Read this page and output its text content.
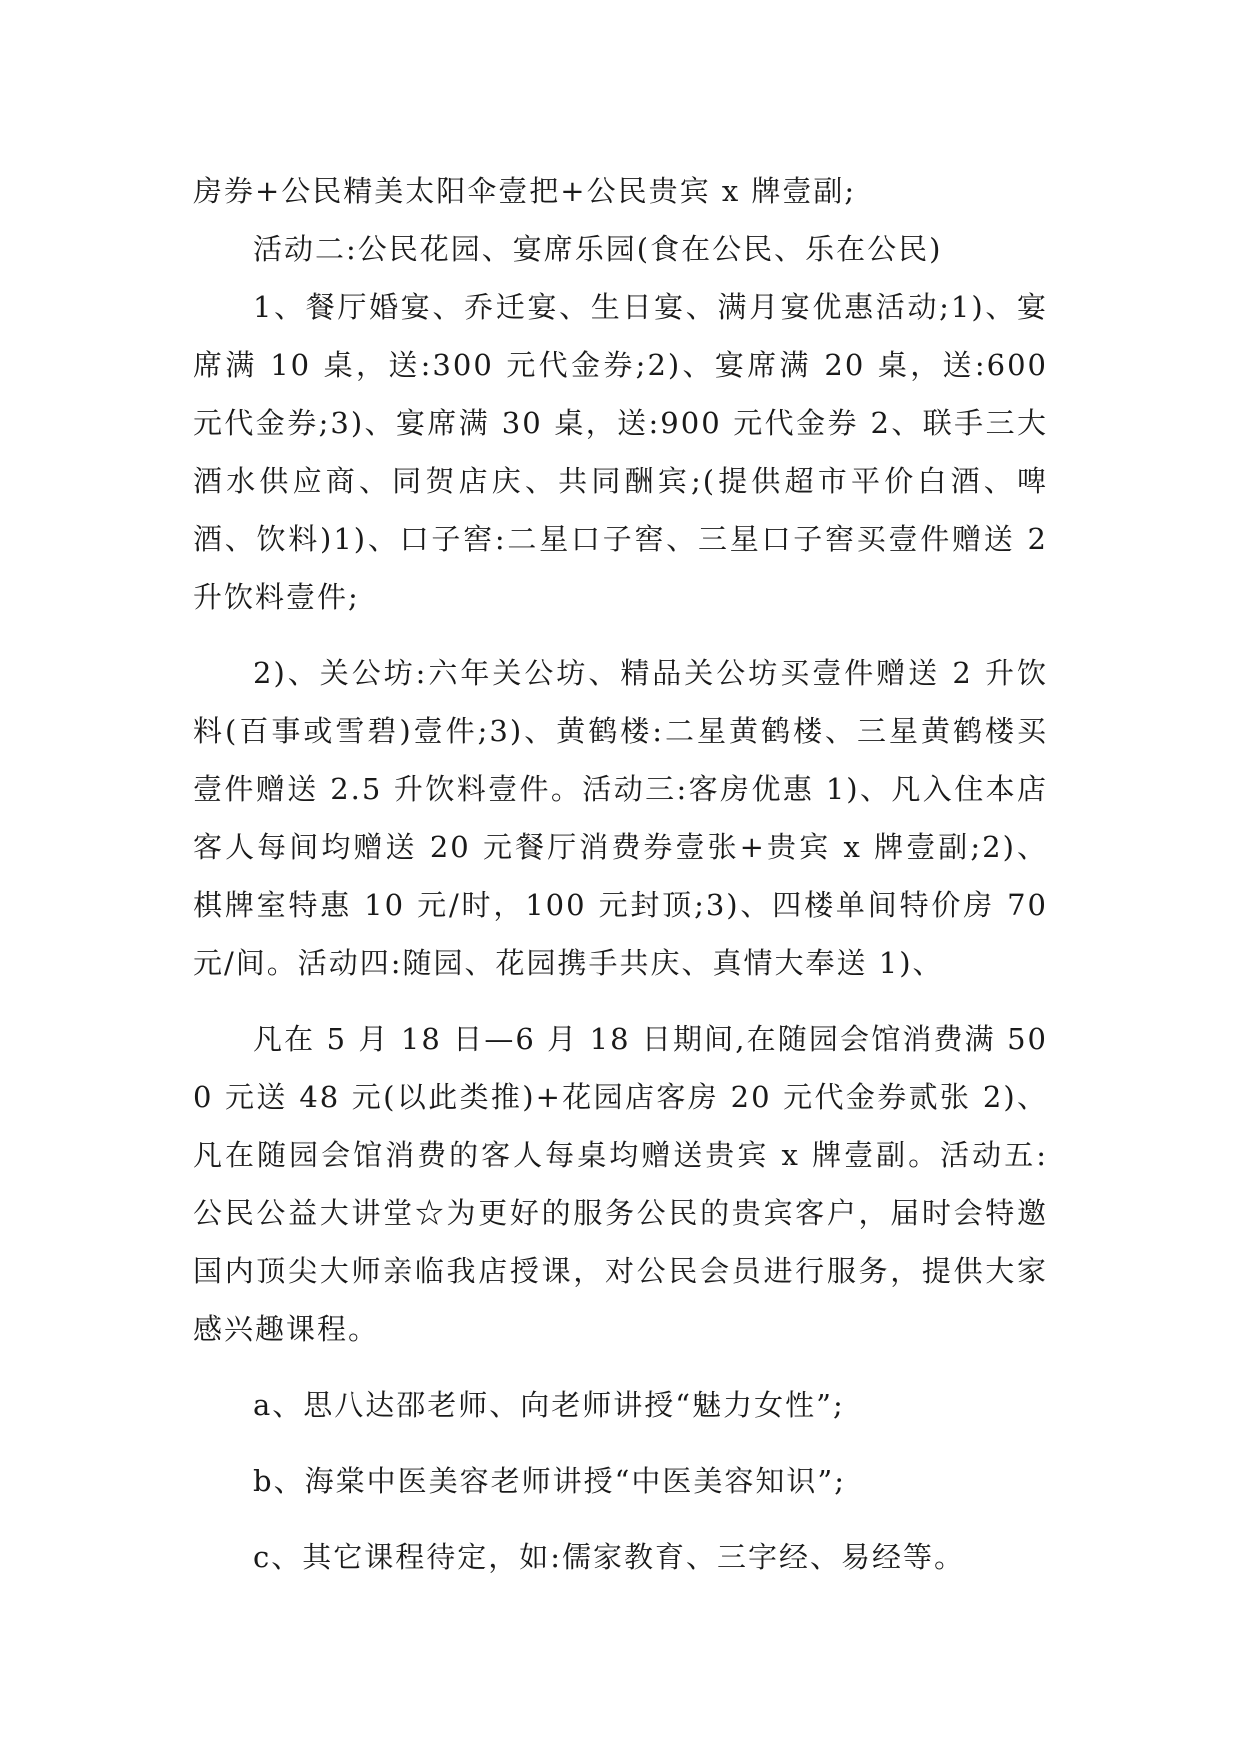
房券+公民精美太阳伞壹把+公民贵宾 x 牌壹副;

活动二:公民花园、宴席乐园(食在公民、乐在公民)

1、餐厅婚宴、乔迁宴、生日宴、满月宴优惠活动;1)、宴席满 10 桌，送:300 元代金券;2)、宴席满 20 桌，送:600 元代金券;3)、宴席满 30 桌，送:900 元代金券 2、联手三大酒水供应商、同贺店庆、共同酬宾;(提供超市平价白酒、啤酒、饮料)1)、口子窖:二星口子窖、三星口子窖买壹件赠送 2 升饮料壹件;

2)、关公坊:六年关公坊、精品关公坊买壹件赠送 2 升饮料(百事或雪碧)壹件;3)、黄鹤楼:二星黄鹤楼、三星黄鹤楼买壹件赠送 2.5 升饮料壹件。活动三:客房优惠 1)、凡入住本店客人每间均赠送 20 元餐厅消费券壹张+贵宾 x 牌壹副;2)、棋牌室特惠 10 元/时，100 元封顶;3)、四楼单间特价房 70 元/间。活动四:随园、花园携手共庆、真情大奉送 1)、

凡在 5 月 18 日—6 月 18 日期间,在随园会馆消费满 500 元送 48 元(以此类推)+花园店客房 20 元代金券贰张 2)、凡在随园会馆消费的客人每桌均赠送贵宾 x 牌壹副。活动五:公民公益大讲堂☆为更好的服务公民的贵宾客户，届时会特邀国内顶尖大师亲临我店授课，对公民会员进行服务，提供大家感兴趣课程。

a、思八达邵老师、向老师讲授“魅力女性”;

b、海棠中医美容老师讲授“中医美容知识”;

c、其它课程待定，如:儒家教育、三字经、易经等。
